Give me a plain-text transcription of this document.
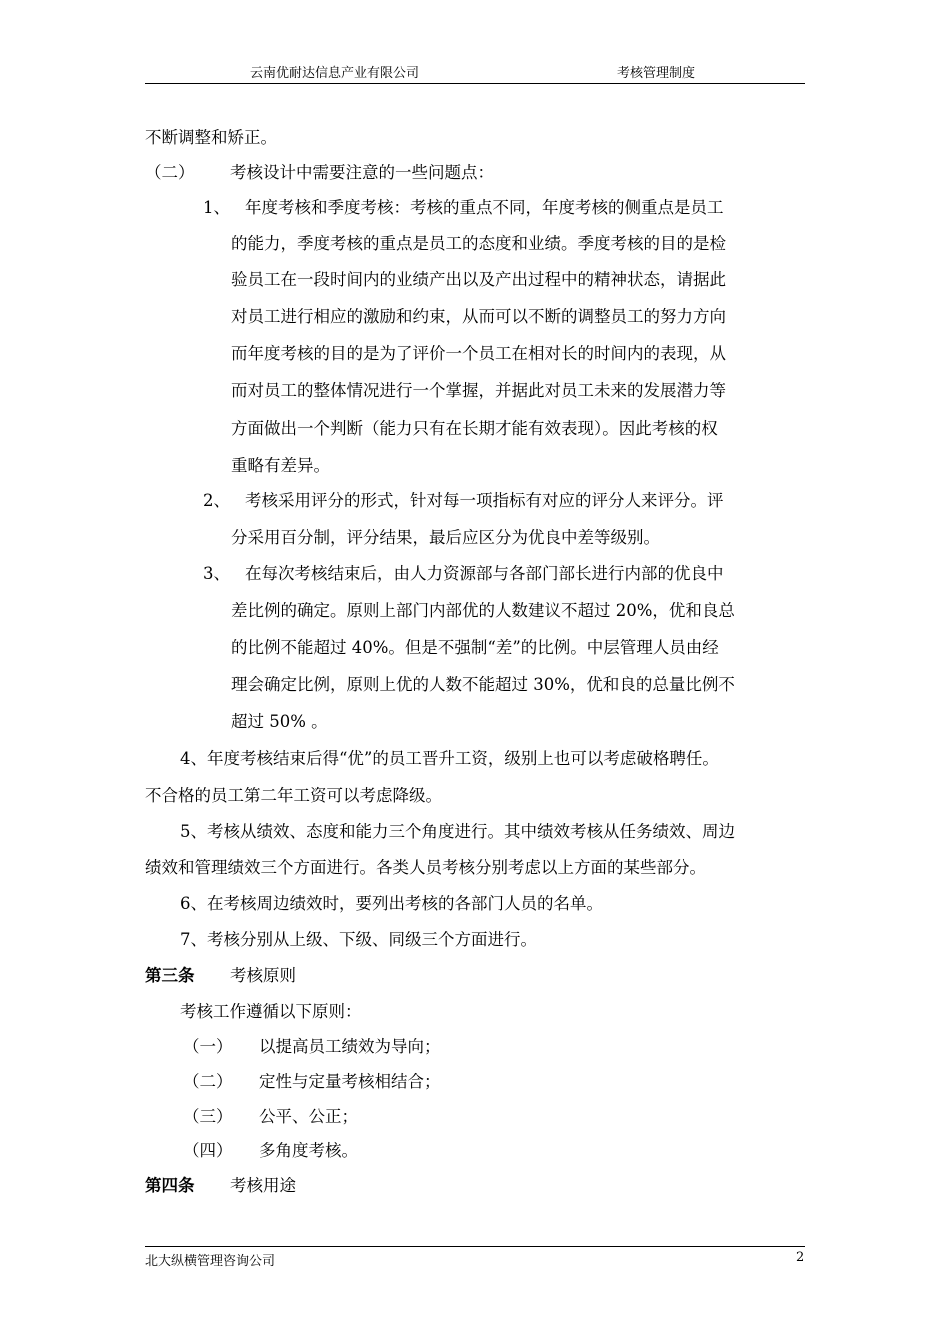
云南优耐达信息产业有限公司	考核管理制度
不断调整和矫正。
（二） 考核设计中需要注意的一些问题点：
1、 年度考核和季度考核：考核的重点不同，年度考核的侧重点是员工
的能力，季度考核的重点是员工的态度和业绩。季度考核的目的是检
验员工在一段时间内的业绩产出以及产出过程中的精神状态，请据此
对员工进行相应的激励和约束，从而可以不断的调整员工的努力方向
而年度考核的目的是为了评价一个员工在相对长的时间内的表现，从
而对员工的整体情况进行一个掌握，并据此对员工未来的发展潜力等
方面做出一个判断（能力只有在长期才能有效表现）。因此考核的权
重略有差异。
2、 考核采用评分的形式，针对每一项指标有对应的评分人来评分。评
分采用百分制，评分结果，最后应区分为优良中差等级别。
3、 在每次考核结束后，由人力资源部与各部门部长进行内部的优良中
差比例的确定。原则上部门内部优的人数建议不超过 20%，优和良总
的比例不能超过 40%。但是不强制“差”的比例。中层管理人员由经
理会确定比例，原则上优的人数不能超过 30%，优和良的总量比例不
超过 50% 。
4、年度考核结束后得“优”的员工晋升工资，级别上也可以考虑破格聘任。
不合格的员工第二年工资可以考虑降级。
5、考核从绩效、态度和能力三个角度进行。其中绩效考核从任务绩效、周边
绩效和管理绩效三个方面进行。各类人员考核分别考虑以上方面的某些部分。
6、在考核周边绩效时，要列出考核的各部门人员的名单。
7、考核分别从上级、下级、同级三个方面进行。
第三条 考核原则
考核工作遵循以下原则：
（一） 以提高员工绩效为导向；
（二） 定性与定量考核相结合；
（三） 公平、公正；
（四） 多角度考核。
第四条 考核用途
北大纵横管理咨询公司	2
